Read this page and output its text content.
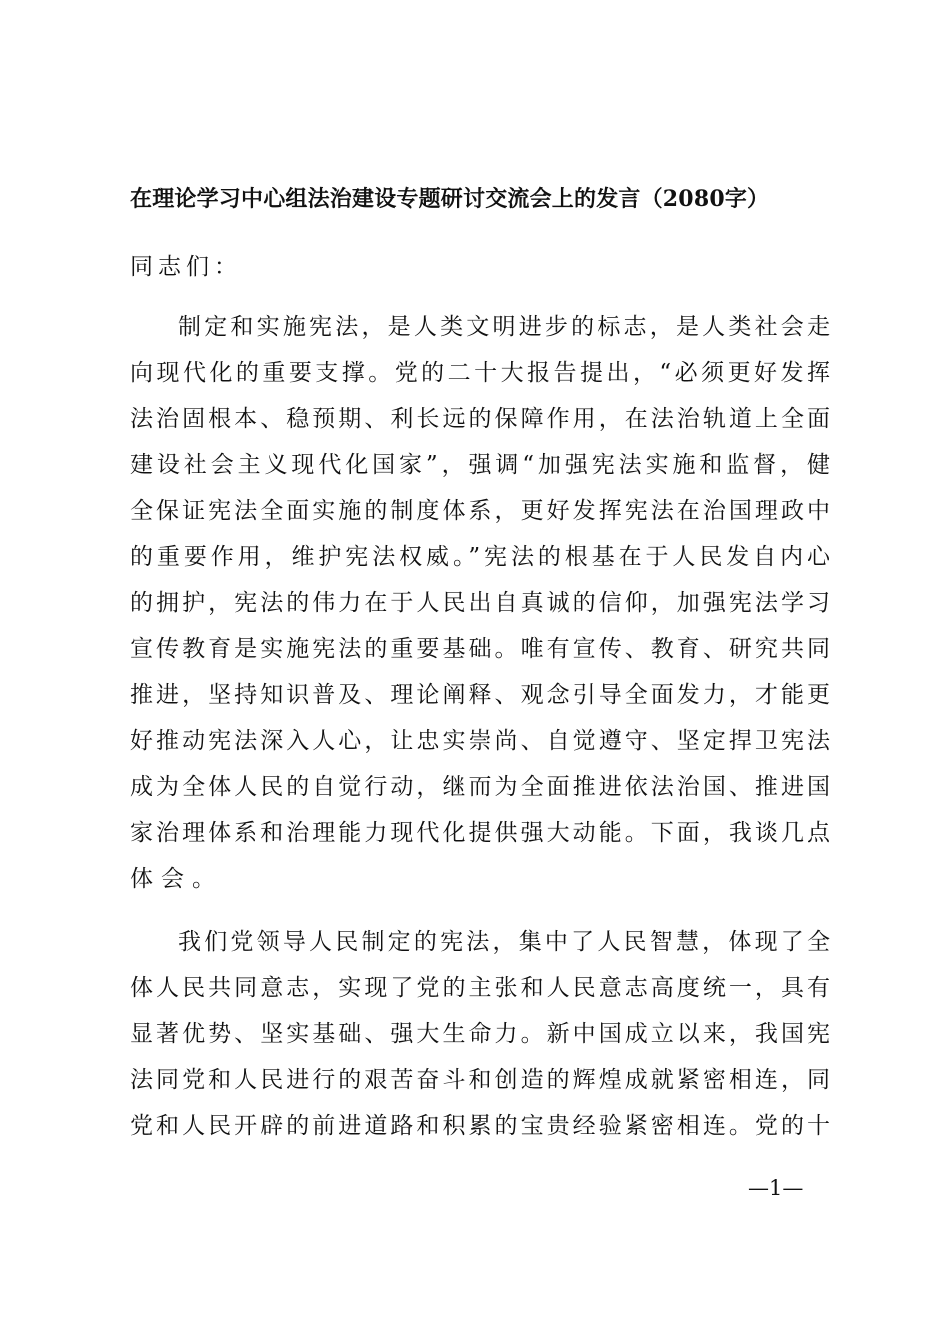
在理论学习中心组法治建设专题研讨交流会上的发言（2080字）
同志们：
制定和实施宪法，是人类文明进步的标志，是人类社会走
向现代化的重要支撑。党的二十大报告提出，“必须更好发挥
法治固根本、稳预期、利长远的保障作用，在法治轨道上全面
建设社会主义现代化国家”，强调“加强宪法实施和监督，健
全保证宪法全面实施的制度体系，更好发挥宪法在治国理政中
的重要作用，维护宪法权威。”宪法的根基在于人民发自内心
的拥护，宪法的伟力在于人民出自真诚的信仰，加强宪法学习
宣传教育是实施宪法的重要基础。唯有宣传、教育、研究共同
推进，坚持知识普及、理论阐释、观念引导全面发力，才能更
好推动宪法深入人心，让忠实崇尚、自觉遵守、坚定捍卫宪法
成为全体人民的自觉行动，继而为全面推进依法治国、推进国
家治理体系和治理能力现代化提供强大动能。下面，我谈几点
体会。
我们党领导人民制定的宪法，集中了人民智慧，体现了全
体人民共同意志，实现了党的主张和人民意志高度统一，具有
显著优势、坚实基础、强大生命力。新中国成立以来，我国宪
法同党和人民进行的艰苦奋斗和创造的辉煌成就紧密相连，同
党和人民开辟的前进道路和积累的宝贵经验紧密相连。党的十
—1—
